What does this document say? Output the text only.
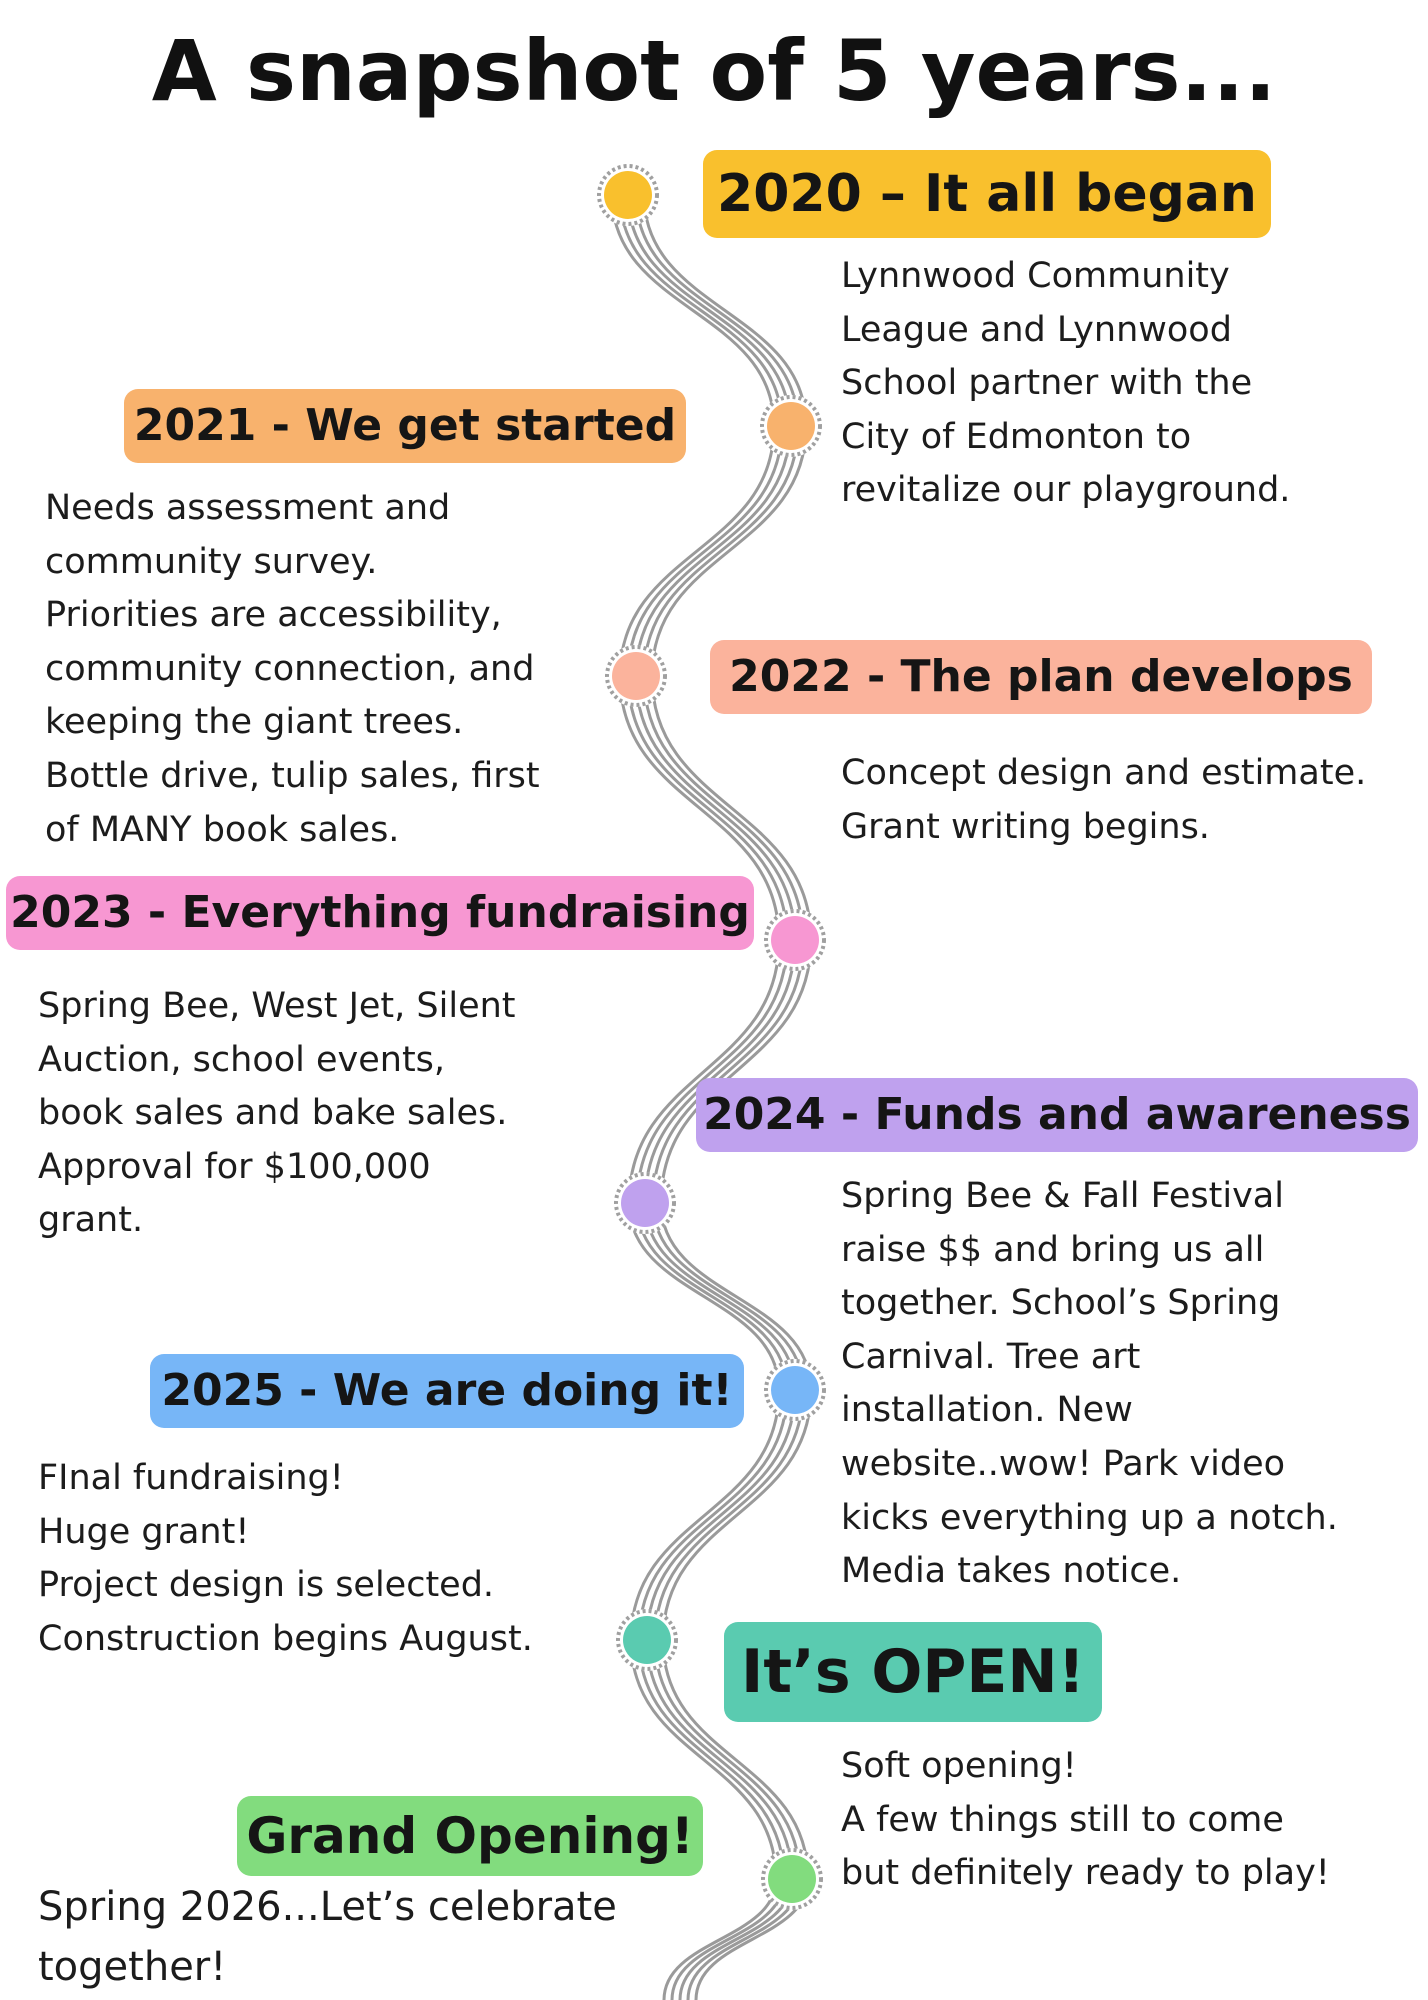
A snapshot of 5 years...
2020 – It all began
Lynnwood Community
League and Lynnwood
School partner with the
City of Edmonton to
revitalize our playground.
2021 - We get started
Needs assessment and
community survey.
Priorities are accessibility,
community connection, and
keeping the giant trees.
Bottle drive, tulip sales, first
of MANY book sales.
2022 - The plan develops
Concept design and estimate.
Grant writing begins.
2023 - Everything fundraising
Spring Bee, West Jet, Silent
Auction, school events,
book sales and bake sales.
Approval for $100,000
grant.
2024 - Funds and awareness
Spring Bee & Fall Festival
raise $$ and bring us all
together. School’s Spring
Carnival. Tree art
installation. New
website..wow! Park video
kicks everything up a notch.
Media takes notice.
2025 - We are doing it!
FInal fundraising!
Huge grant!
Project design is selected.
Construction begins August.	It’s OPEN!
Soft opening!
A few things still to come
but definitely ready to play!
Grand Opening!
Spring 2026...Let’s celebrate
together!
